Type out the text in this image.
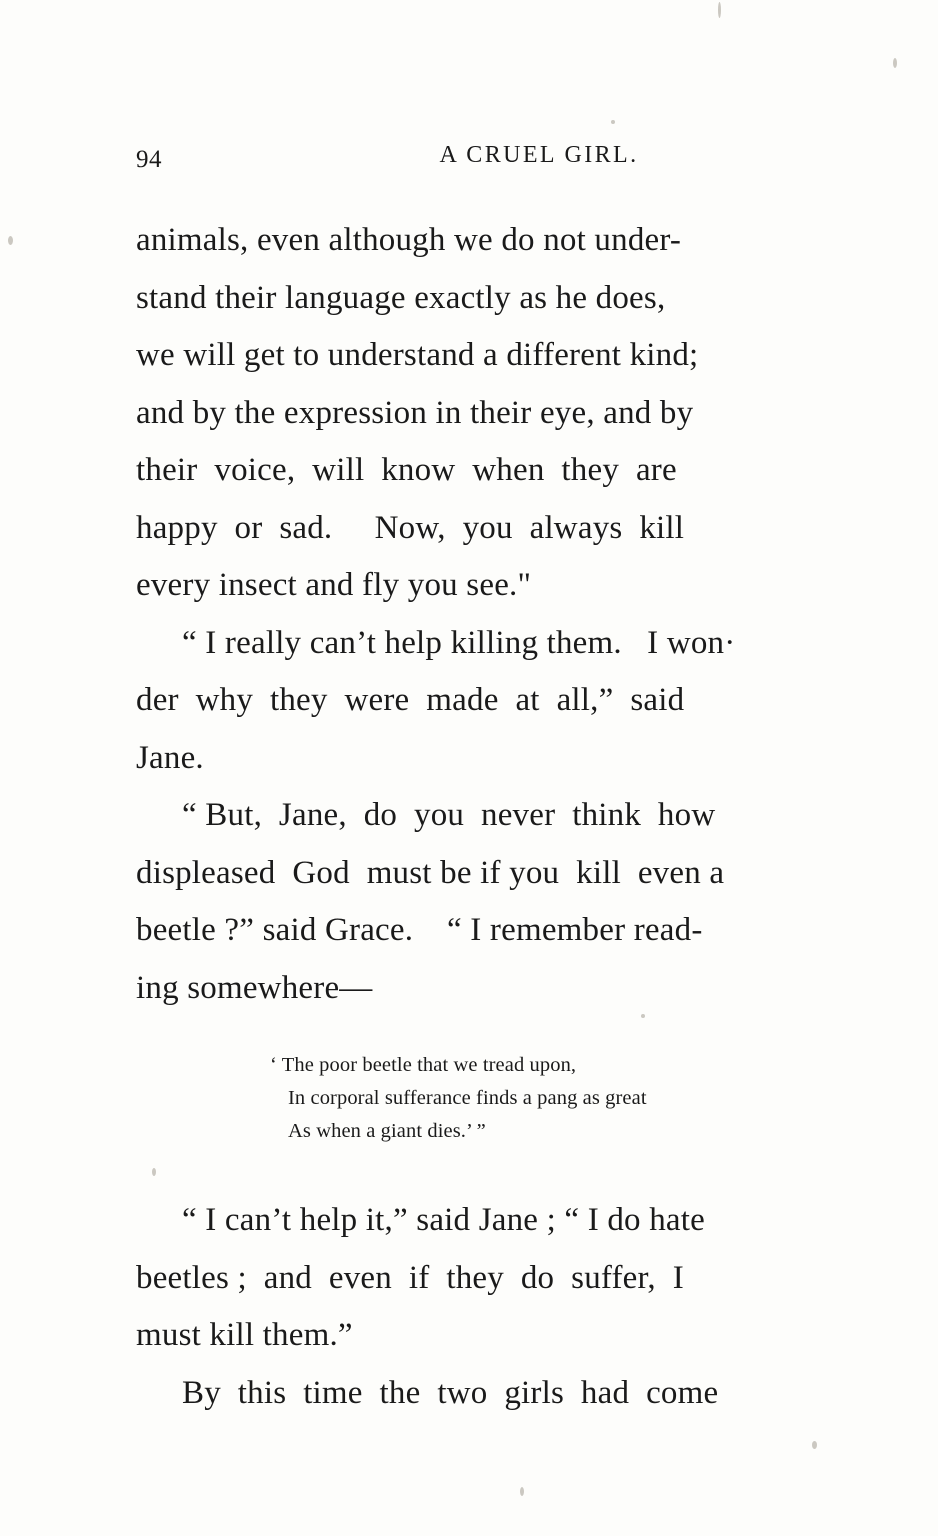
94	A CRUEL GIRL.

animals, even although we do not under-
stand their language exactly as he does,
we will get to understand a different kind;
and by the expression in their eye, and by
their  voice,  will  know  when  they  are
happy  or  sad.     Now,  you  always  kill
every insect and fly you see."

“ I really can’t help killing them.   I won·
der  why  they  were  made  at  all,”  said
Jane.

“ But,  Jane,  do  you  never  think  how
displeased  God  must be if you  kill  even a
beetle ?” said Grace.    “ I remember read-
ing somewhere—

‘ The poor beetle that we tread upon,
In corporal sufferance finds a pang as great
As when a giant dies.’ ”

“ I can’t help it,” said Jane ; “ I do hate
beetles ;  and  even  if  they  do  suffer,  I
must kill them.”

By  this  time  the  two  girls  had  come
